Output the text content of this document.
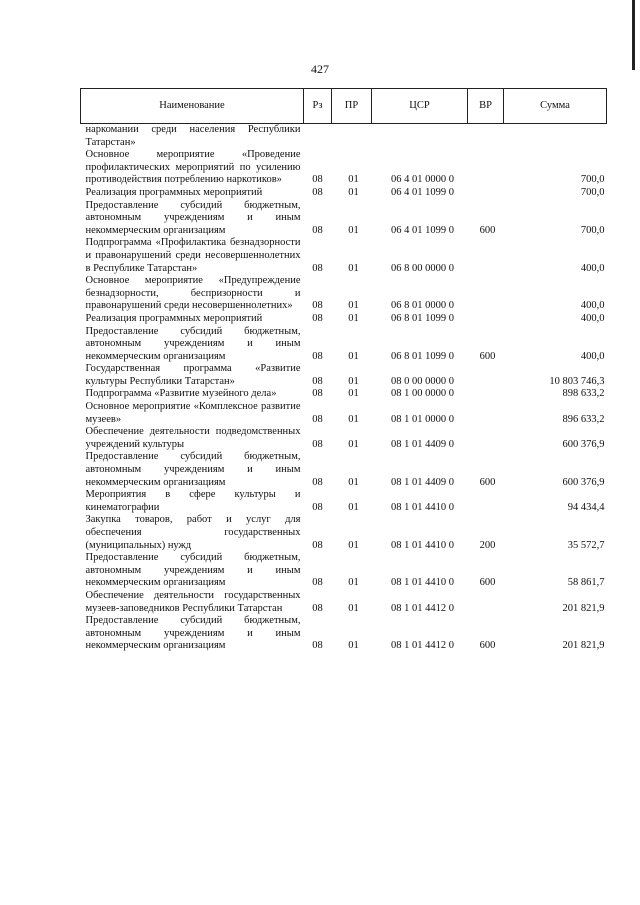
427
Наименование	Рз	ПР	ЦСР	ВР	Сумма
наркомании среди населения Республики Татарстан»					
Основное мероприятие «Проведение профилактических мероприятий по усилению противодействия потреблению наркотиков»	08	01	06 4 01 0000 0		700,0
Реализация программных мероприятий	08	01	06 4 01 1099 0		700,0
Предоставление субсидий бюджетным, автономным учреждениям и иным некоммерческим организациям	08	01	06 4 01 1099 0	600	700,0
Подпрограмма «Профилактика безнадзорности и правонарушений среди несовершеннолетних в Республике Татарстан»	08	01	06 8 00 0000 0		400,0
Основное мероприятие «Предупреждение безнадзорности, беспризорности и правонарушений среди несовершеннолетних»	08	01	06 8 01 0000 0		400,0
Реализация программных мероприятий	08	01	06 8 01 1099 0		400,0
Предоставление субсидий бюджетным, автономным учреждениям и иным некоммерческим организациям	08	01	06 8 01 1099 0	600	400,0
Государственная программа «Развитие культуры Республики Татарстан»	08	01	08 0 00 0000 0		10 803 746,3
Подпрограмма «Развитие музейного дела»	08	01	08 1 00 0000 0		898 633,2
Основное мероприятие «Комплексное развитие музеев»	08	01	08 1 01 0000 0		896 633,2
Обеспечение деятельности подведомственных учреждений культуры	08	01	08 1 01 4409 0		600 376,9
Предоставление субсидий бюджетным, автономным учреждениям и иным некоммерческим организациям	08	01	08 1 01 4409 0	600	600 376,9
Мероприятия в сфере культуры и кинематографии	08	01	08 1 01 4410 0		94 434,4
Закупка товаров, работ и услуг для обеспечения государственных (муниципальных) нужд	08	01	08 1 01 4410 0	200	35 572,7
Предоставление субсидий бюджетным, автономным учреждениям и иным некоммерческим организациям	08	01	08 1 01 4410 0	600	58 861,7
Обеспечение деятельности государственных музеев-заповедников Республики Татарстан	08	01	08 1 01 4412 0		201 821,9
Предоставление субсидий бюджетным, автономным учреждениям и иным некоммерческим организациям	08	01	08 1 01 4412 0	600	201 821,9
